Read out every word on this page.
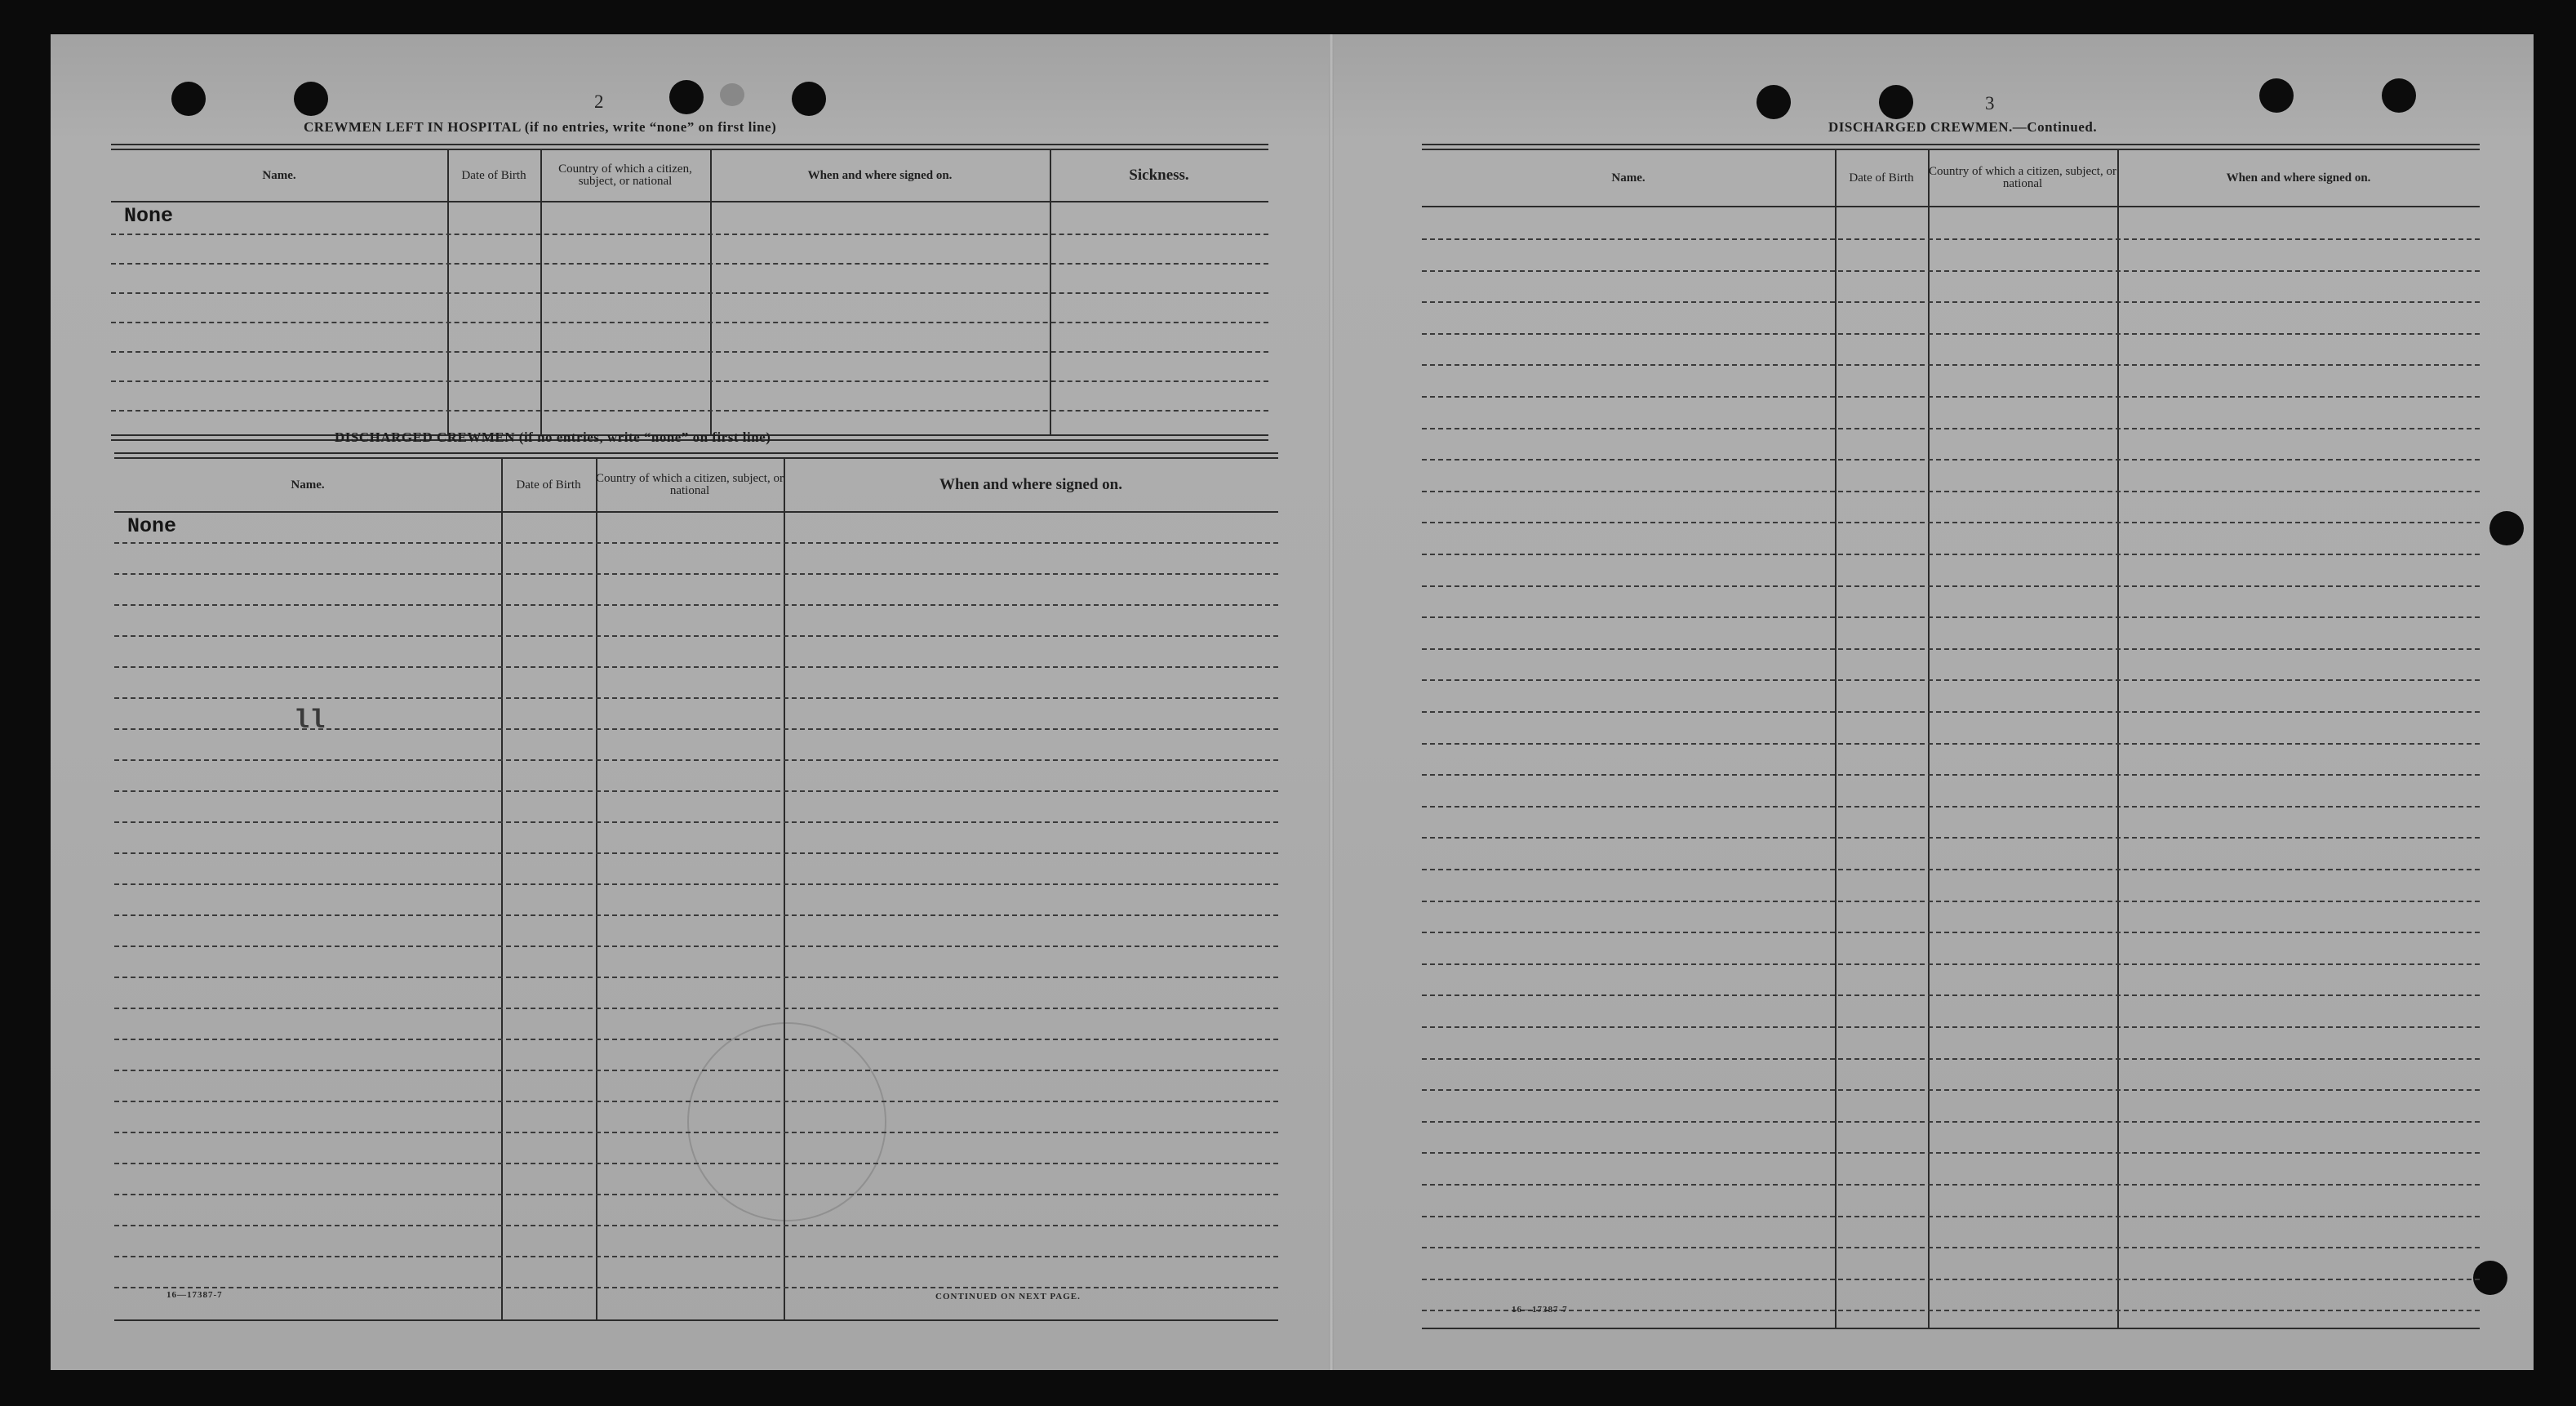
2	3
CREWMEN LEFT IN HOSPITAL (if no entries, write “none” on first line)
Name.	Date of Birth	Country of which a citizen, subject, or national	When and where signed on.	Sickness.
None
DISCHARGED CREWMEN (if no entries, write “none” on first line)
Name.	Date of Birth	Country of which a citizen, subject, or national	When and where signed on.
None
ll
16—17387-7	CONTINUED ON NEXT PAGE.
DISCHARGED CREWMEN.—Continued.
Name.	Date of Birth	Country of which a citizen, subject, or national	When and where signed on.
16—17387-7
